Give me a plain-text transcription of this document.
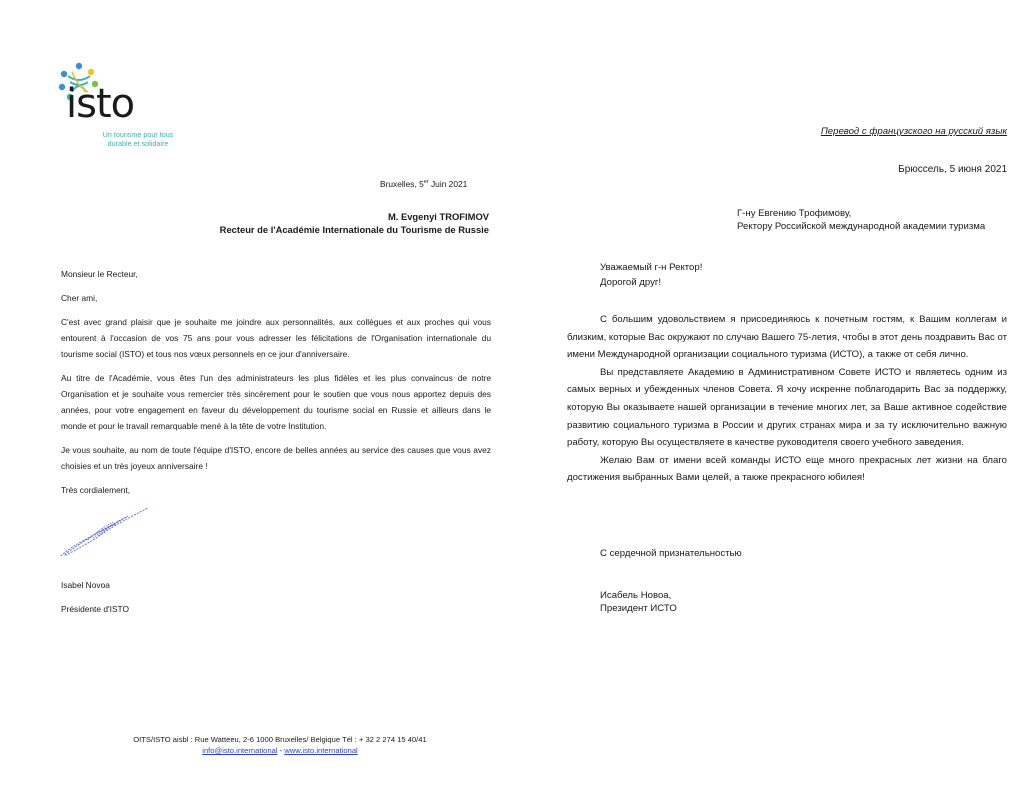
isto
Un tourisme pour tous
durable et solidaire
Bruxelles, 5er Juin 2021
M. Evgenyi TROFIMOV
Recteur de l'Académie Internationale du Tourisme de Russie

Monsieur le Recteur,

Cher ami,

C'est avec grand plaisir que je souhaite me joindre aux personnalités, aux collègues et aux proches qui vous entourent à l'occasion de vos 75 ans pour vous adresser les félicitations de l'Organisation internationale du tourisme social (ISTO) et tous nos vœux personnels en ce jour d'anniversaire.

Au titre de l'Académie, vous êtes l'un des administrateurs les plus fidèles et les plus convaincus de notre Organisation et je souhaite vous remercier très sincèrement pour le soutien que vous nous apportez depuis des années, pour votre engagement en faveur du développement du tourisme social en Russie et ailleurs dans le monde et pour le travail remarquable mené à la tête de votre Institution.

Je vous souhaite, au nom de toute l'équipe d'ISTO, encore de belles années au service des causes que vous avez choisies et un très joyeux anniversaire !

Très cordialement,

Isabel Novoa
Présidente d'ISTO
OITS/ISTO aisbl : Rue Watteeu, 2-6 1000 Bruxelles/ Belgique Tél : + 32 2 274 15 40/41
info@isto.international - www.isto.international
Перевод с французского на русский язык
Брюссель, 5 июня 2021
Г-ну Евгению Трофимову,
Ректору Российской международной академии туризма
Уважаемый г-н Ректор!
Дорогой друг!

С большим удовольствием я присоединяюсь к почетным гостям, к Вашим коллегам и близким, которые Вас окружают по случаю Вашего 75-летия, чтобы в этот день поздравить Вас от имени Международной организации социального туризма (ИСТО), а также от себя лично.

Вы представляете Академию в Административном Совете ИСТО и являетесь одним из самых верных и убежденных членов Совета. Я хочу искренне поблагодарить Вас за поддержку, которую Вы оказываете нашей организации в течение многих лет, за Ваше активное содействие развитию социального туризма в России и других странах мира и за ту исключительно важную работу, которую Вы осуществляете в качестве руководителя своего учебного заведения.

Желаю Вам от имени всей команды ИСТО еще много прекрасных лет жизни на благо достижения выбранных Вами целей, а также прекрасного юбилея!

С сердечной признательностью
Исабель Новоа,
Президент ИСТО
